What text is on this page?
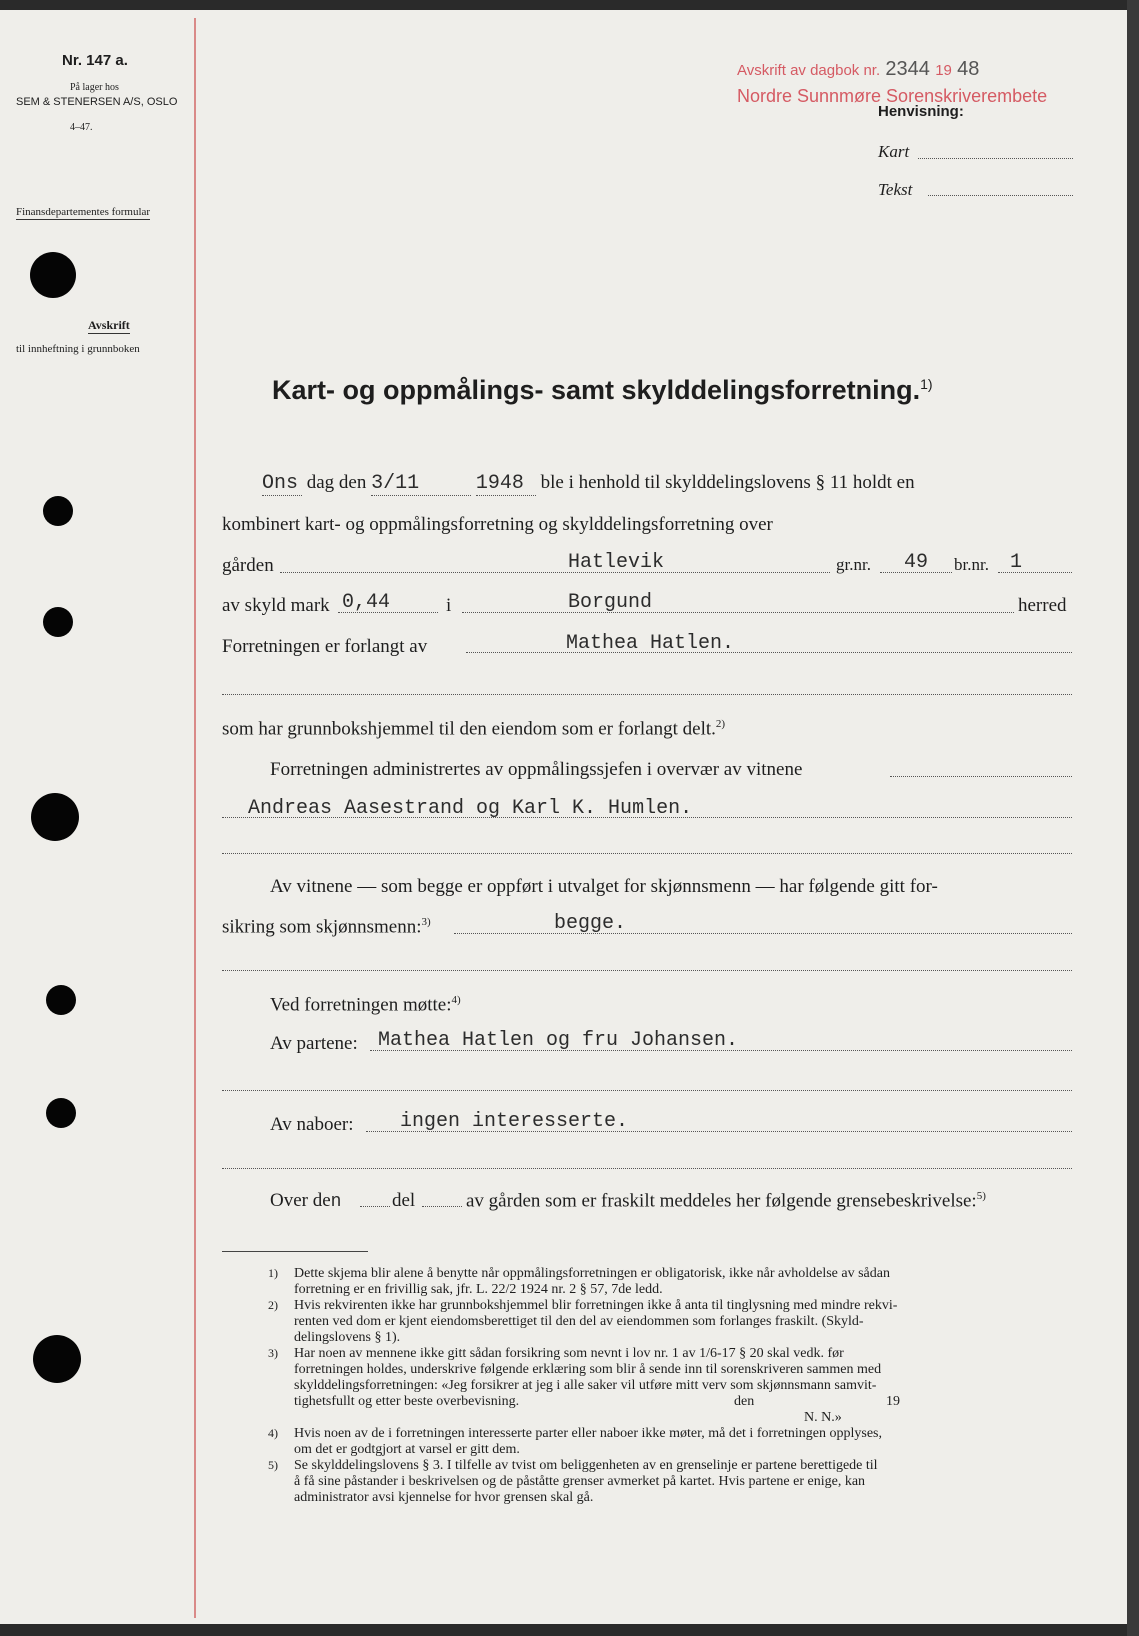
Nr. 147 a.
På lager hos
SEM & STENERSEN A/S, OSLO
4–47.
Finansdepartementes formular
Avskrift
til innheftning i grunnboken
Avskrift av dagbok nr. 2344 19 48
Nordre Sunnmøre Sorenskriverembete
Henvisning:
Kart
Tekst
Kart- og oppmålings- samt skylddelingsforretning.$^{1)}$
Ons dag den 3/11	1948 ble i henhold til skylddelingslovens § 11 holdt en
kombinert kart- og oppmålingsforretning og skylddelingsforretning over
gården	Hatlevik	gr.nr. 49 br.nr. 1
av skyld mark 0,44	i	Borgund	herred
Forretningen er forlangt av	Mathea Hatlen.
som har grunnbokshjemmel til den eiendom som er forlangt delt.$^{2)}$
Forretningen administrertes av oppmålingssjefen i overvær av vitnene
Andreas Aasestrand og Karl K. Humlen.
Av vitnene — som begge er oppført i utvalget for skjønnsmenn — har følgende gitt for-
sikring som skjønnsmenn:$^{3)}$	begge.
Ved forretningen møtte:$^{4)}$
Av partene: Mathea Hatlen og fru Johansen.
Av naboer: ingen interesserte.
Over den	del	av gården som er fraskilt meddeles her følgende grensebeskrivelse:$^{5)}$
1) Dette skjema blir alene å benytte når oppmålingsforretningen er obligatorisk, ikke når avholdelse av sådan
forretning er en frivillig sak, jfr. L. 22/2 1924 nr. 2 § 57, 7de ledd.
2) Hvis rekvirenten ikke har grunnbokshjemmel blir forretningen ikke å anta til tinglysning med mindre rekvi-
renten ved dom er kjent eiendomsberettiget til den del av eiendommen som forlanges fraskilt. (Skyld-
delingslovens § 1).
3) Har noen av mennene ikke gitt sådan forsikring som nevnt i lov nr. 1 av 1/6-17 § 20 skal vedk. før
forretningen holdes, underskrive følgende erklæring som blir å sende inn til sorenskriveren sammen med
skylddelingsforretningen: «Jeg forsikrer at jeg i alle saker vil utføre mitt verv som skjønnsmann samvit-
tighetsfullt og etter beste overbevisning.	den	19
N. N.»
4) Hvis noen av de i forretningen interesserte parter eller naboer ikke møter, må det i forretningen opplyses,
om det er godtgjort at varsel er gitt dem.
5) Se skylddelingslovens § 3. I tilfelle av tvist om beliggenheten av en grenselinje er partene berettigede til
å få sine påstander i beskrivelsen og de påståtte grenser avmerket på kartet. Hvis partene er enige, kan
administrator avsi kjennelse for hvor grensen skal gå.
